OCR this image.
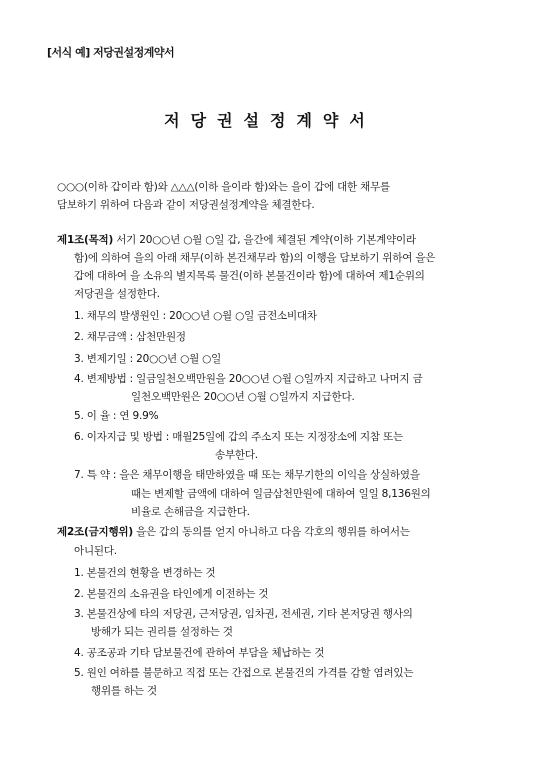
[서식 예] 저당권설정계약서
저당권설정계약서
○○○(이하 갑이라 함)와 △△△(이하 을이라 함)와는 을이 갑에 대한 채무를
담보하기 위하여 다음과 같이 저당권설정계약을 체결한다.
제1조(목적) 서기 20○○년 ○월 ○일 갑, 을간에 체결된 계약(이하 기본계약이라
함)에 의하여 을의 아래 채무(이하 본건채무라 함)의 이행을 담보하기 위하여 을은
갑에 대하여 을 소유의 별지목록 물건(이하 본물건이라 함)에 대하여 제1순위의
저당권을 설정한다.
1. 채무의 발생원인 : 20○○년 ○월 ○일 금전소비대차
2. 채무금액 : 삼천만원정
3. 변제기일 : 20○○년 ○월 ○일
4. 변제방법 : 일금일천오백만원을 20○○년 ○월 ○일까지 지급하고 나머지 금
일천오백만원은 20○○년 ○월 ○일까지 지급한다.
5. 이 율 : 연 9.9%
6. 이자지급 및 방법 : 매월25일에 갑의 주소지 또는 지정장소에 지참 또는
송부한다.
7. 특 약 : 을은 채무이행을 태만하였을 때 또는 채무기한의 이익을 상실하였을
때는 변제할 금액에 대하여 일금삼천만원에 대하여 일일 8,136원의
비율로 손해금을 지급한다.
제2조(금지행위) 을은 갑의 동의를 얻지 아니하고 다음 각호의 행위를 하여서는
아니된다.
1. 본물건의 현황을 변경하는 것
2. 본물건의 소유권을 타인에게 이전하는 것
3. 본물건상에 타의 저당권, 근저당권, 임차권, 전세권, 기타 본저당권 행사의
방해가 되는 권리를 설정하는 것
4. 공조공과 기타 담보물건에 관하여 부담을 체납하는 것
5. 원인 여하를 불문하고 직접 또는 간접으로 본물건의 가격를 감할 염려있는
행위를 하는 것
